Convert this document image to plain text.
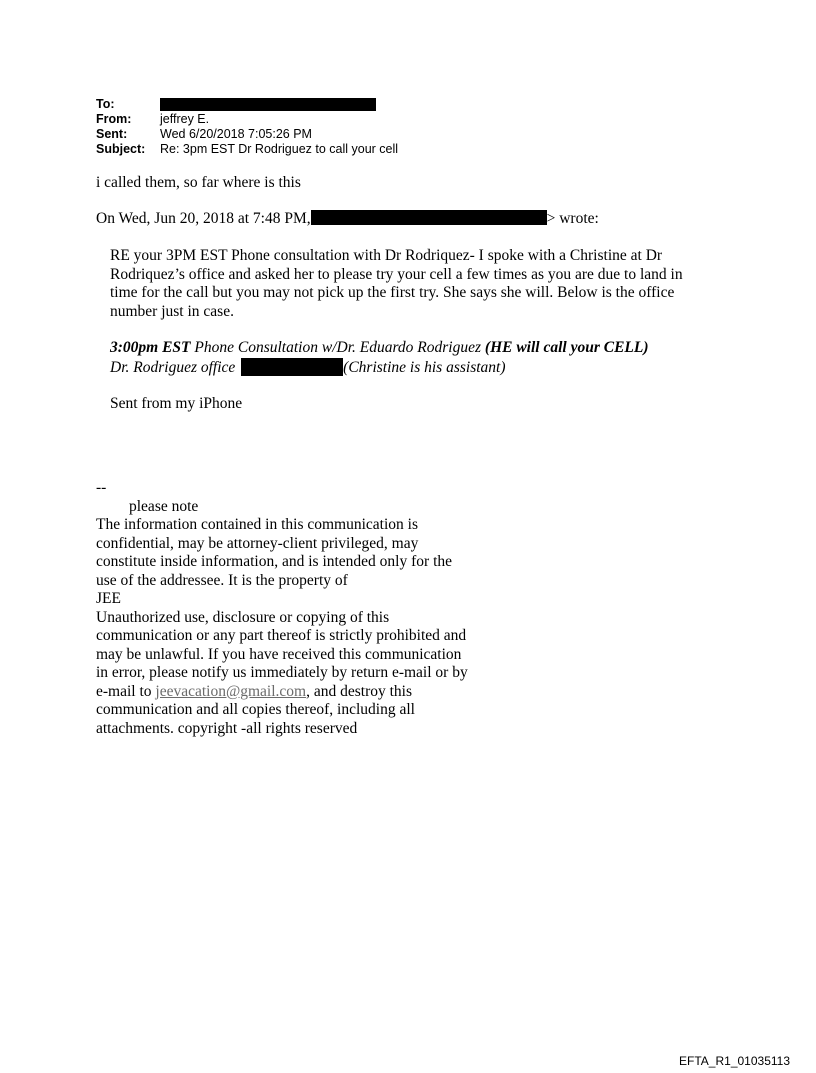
To:
From:	jeffrey E.
Sent:	Wed 6/20/2018 7:05:26 PM
Subject:	Re: 3pm EST Dr Rodriguez to call your cell
i called them, so far where is this
On Wed, Jun 20, 2018 at 7:48 PM,	> wrote:
RE your 3PM EST Phone consultation with Dr Rodriquez- I spoke with a Christine at Dr Rodriquez’s office and asked her to please try your cell a few times as you are due to land in time for the call but you may not pick up the first try. She says she will. Below is the office number just in case.
3:00pm EST Phone Consultation w/Dr. Eduardo Rodriguez (HE will call your CELL)
Dr. Rodriguez office	(Christine is his assistant)
Sent from my iPhone
--
please note
The information contained in this communication is confidential, may be attorney-client privileged, may constitute inside information, and is intended only for the use of the addressee. It is the property of
JEE
Unauthorized use, disclosure or copying of this communication or any part thereof is strictly prohibited and may be unlawful. If you have received this communication in error, please notify us immediately by return e-mail or by e-mail to jeevacation@gmail.com, and destroy this communication and all copies thereof, including all attachments. copyright -all rights reserved
EFTA_R1_01035113
